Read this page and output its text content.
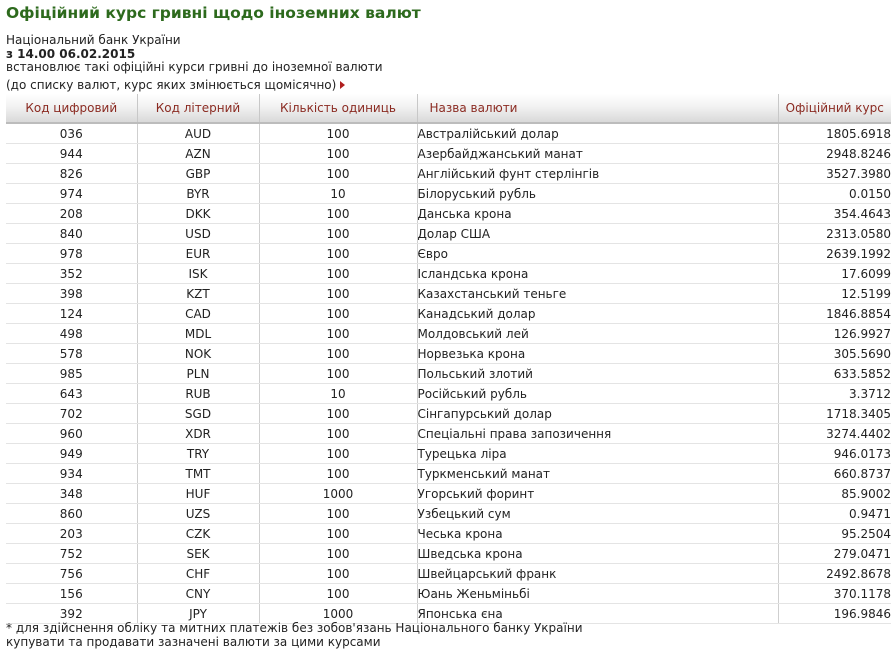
Офіційний курс гривні щодо іноземних валют
Національний банк України
з 14.00 06.02.2015
встановлює такі офіційні курси гривні до іноземної валюти
(до списку валют, курс яких змінюється щомісячно)
Код цифровий	Код літерний	Кількість одиниць	Назва валюти	Офіційний курс
036	AUD	100	Австралійський долар	1805.6918
944	AZN	100	Азербайджанський манат	2948.8246
826	GBP	100	Англійський фунт стерлінгів	3527.3980
974	BYR	10	Білоруський рубль	0.0150
208	DKK	100	Данська крона	354.4643
840	USD	100	Долар США	2313.0580
978	EUR	100	Євро	2639.1992
352	ISK	100	Ісландська крона	17.6099
398	KZT	100	Казахстанський теньге	12.5199
124	CAD	100	Канадський долар	1846.8854
498	MDL	100	Молдовський лей	126.9927
578	NOK	100	Норвезька крона	305.5690
985	PLN	100	Польський злотий	633.5852
643	RUB	10	Російський рубль	3.3712
702	SGD	100	Сінгапурський долар	1718.3405
960	XDR	100	Спеціальні права запозичення	3274.4402
949	TRY	100	Турецька ліра	946.0173
934	TMT	100	Туркменський манат	660.8737
348	HUF	1000	Угорський форинт	85.9002
860	UZS	100	Узбецький сум	0.9471
203	CZK	100	Чеська крона	95.2504
752	SEK	100	Шведська крона	279.0471
756	CHF	100	Швейцарський франк	2492.8678
156	CNY	100	Юань Женьміньбі	370.1178
392	JPY	1000	Японська єна	196.9846
* для здійснення обліку та митних платежів без зобов'язань Національного банку України
купувати та продавати зазначені валюти за цими курсами
